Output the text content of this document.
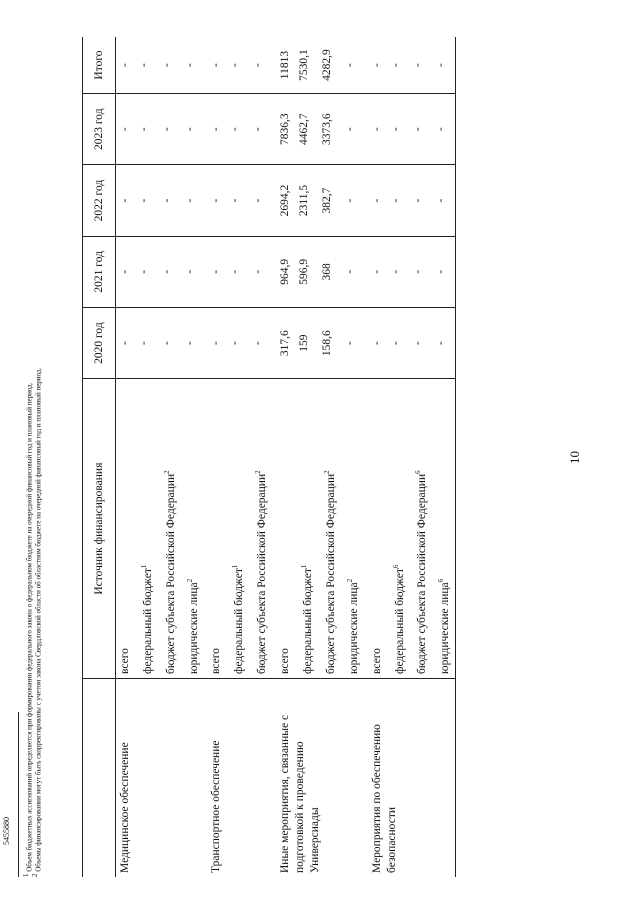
10
	Источник финансирования	2020 год	2021 год	2022 год	2023 год	Итого
Медицинское обеспечение	всего	-	-	-	-	-
	федеральный бюджет$^1$	-	-	-	-	-
	бюджет субъекта Российской Федерации$^2$	-	-	-	-	-
	юридические лица$^2$	-	-	-	-	-
Транспортное обеспечение	всего	-	-	-	-	-
	федеральный бюджет$^1$	-	-	-	-	-
	бюджет субъекта Российской Федерации$^2$	-	-	-	-	-
Иные мероприятия, связанные с подготовкой к проведению Универсиады	всего	317,6	964,9	2694,2	7836,3	11813
	федеральный бюджет$^1$	159	596,9	2311,5	4462,7	7530,1
	бюджет субъекта Российской Федерации$^2$	158,6	368	382,7	3373,6	4282,9
	юридические лица$^2$	-	-	-	-	-
Мероприятия по обеспечению безопасности	всего	-	-	-	-	-
	федеральный бюджет$^6$	-	-	-	-	-
	бюджет субъекта Российской Федерации$^6$	-	-	-	-	-
	юридические лица$^6$	-	-	-	-	-
$^1$ Объем бюджетных ассигнований определяется при формировании федерального закона о федеральном бюджете на очередной финансовый год и плановый период.
$^2$ Объемы финансирования могут быть скорректированы с учетом закона Свердловской области об областном бюджете на очередной финансовый год и плановый период.
5455880
